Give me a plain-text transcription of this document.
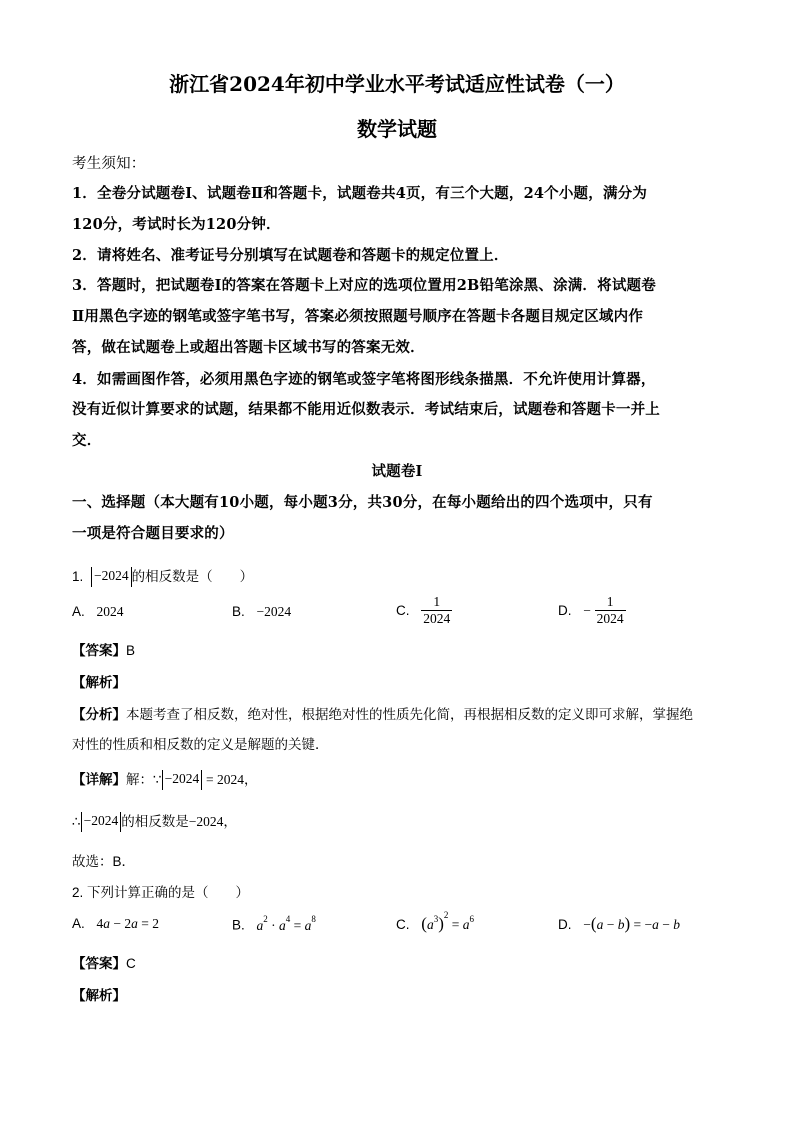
浙江省2024年初中学业水平考试适应性试卷（一）
数学试题
考生须知：
1．全卷分试题卷Ⅰ、试题卷Ⅱ和答题卡，试题卷共4页，有三个大题，24个小题，满分为
120分，考试时长为120分钟．
2．请将姓名、准考证号分别填写在试题卷和答题卡的规定位置上．
3．答题时，把试题卷Ⅰ的答案在答题卡上对应的选项位置用2B铅笔涂黑、涂满．将试题卷
Ⅱ用黑色字迹的钢笔或签字笔书写，答案必须按照题号顺序在答题卡各题目规定区域内作
答，做在试题卷上或超出答题卡区域书写的答案无效．
4．如需画图作答，必须用黑色字迹的钢笔或签字笔将图形线条描黑．不允许使用计算器，
没有近似计算要求的试题，结果都不能用近似数表示．考试结束后，试题卷和答题卡一并上
交．
试题卷Ⅰ
一、选择题（本大题有10小题，每小题3分，共30分，在每小题给出的四个选项中，只有
一项是符合题目要求的）
1. −2024 的相反数是（　　）
A. 2024	B. −2024	C. $\frac{1}{2024}$	D. − $\frac{1}{2024}$
【答案】B
【解析】
【分析】本题考查了相反数，绝对性，根据绝对性的性质先化简，再根据相反数的定义即可求解，掌握绝
对性的性质和相反数的定义是解题的关键．
【详解】解：∵ −2024 = 2024，
∴ −2024 的相反数是−2024，
故选：B．
2. 下列计算正确的是（　　）
A. 4a − 2a = 2	B. $a^2 \cdot a^4 = a^8$	C. $(a^3)^2 = a^6$	D. −(a − b) = −a − b
【答案】C
【解析】
